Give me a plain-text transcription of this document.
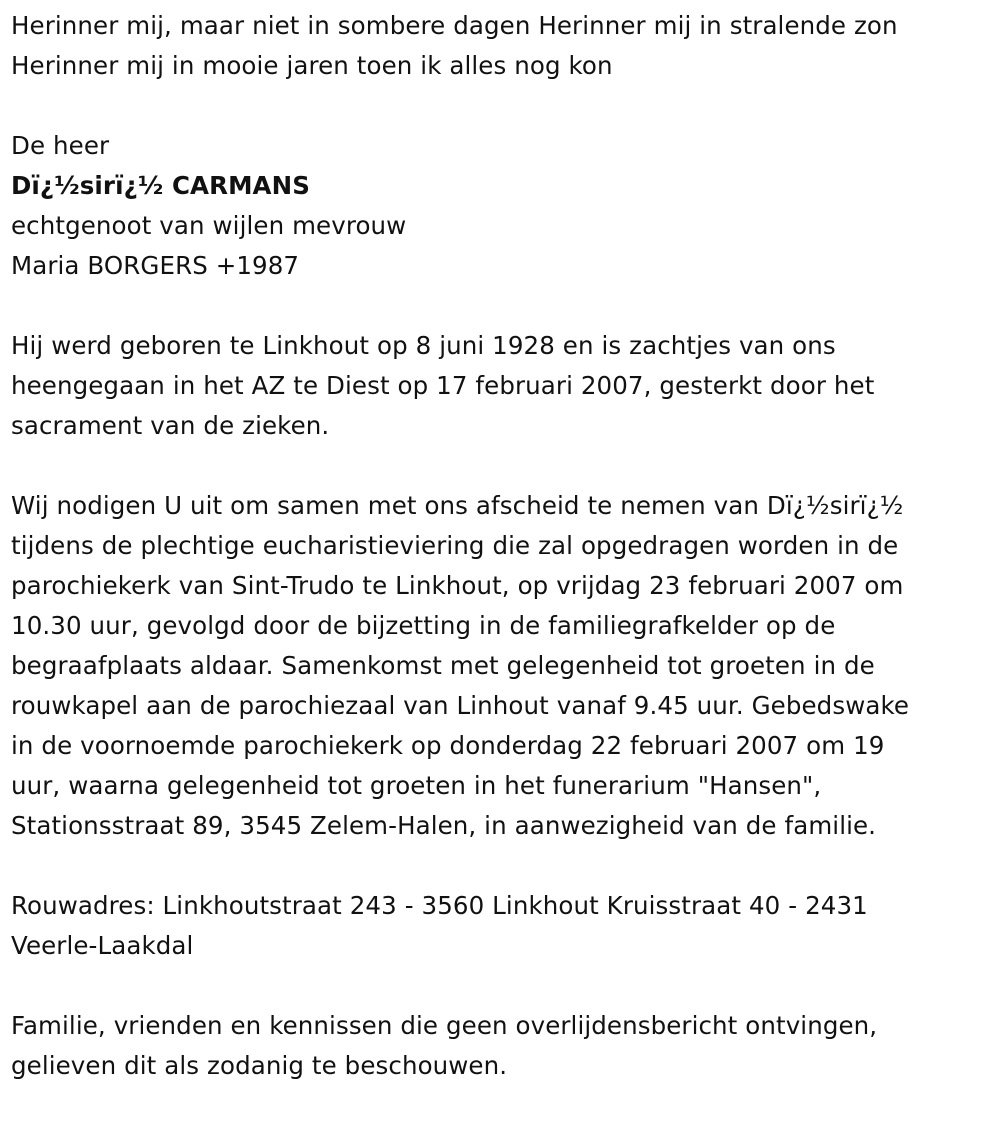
Herinner mij, maar niet in sombere dagen Herinner mij in stralende zon
Herinner mij in mooie jaren toen ik alles nog kon
De heer
Dï¿½sirï¿½ CARMANS
echtgenoot van wijlen mevrouw
Maria BORGERS +1987
Hij werd geboren te Linkhout op 8 juni 1928 en is zachtjes van ons
heengegaan in het AZ te Diest op 17 februari 2007, gesterkt door het
sacrament van de zieken.
Wij nodigen U uit om samen met ons afscheid te nemen van Dï¿½sirï¿½
tijdens de plechtige eucharistieviering die zal opgedragen worden in de
parochiekerk van Sint-Trudo te Linkhout, op vrijdag 23 februari 2007 om
10.30 uur, gevolgd door de bijzetting in de familiegrafkelder op de
begraafplaats aldaar. Samenkomst met gelegenheid tot groeten in de
rouwkapel aan de parochiezaal van Linhout vanaf 9.45 uur. Gebedswake
in de voornoemde parochiekerk op donderdag 22 februari 2007 om 19
uur, waarna gelegenheid tot groeten in het funerarium "Hansen",
Stationsstraat 89, 3545 Zelem-Halen, in aanwezigheid van de familie.
Rouwadres: Linkhoutstraat 243 - 3560 Linkhout Kruisstraat 40 - 2431
Veerle-Laakdal
Familie, vrienden en kennissen die geen overlijdensbericht ontvingen,
gelieven dit als zodanig te beschouwen.
